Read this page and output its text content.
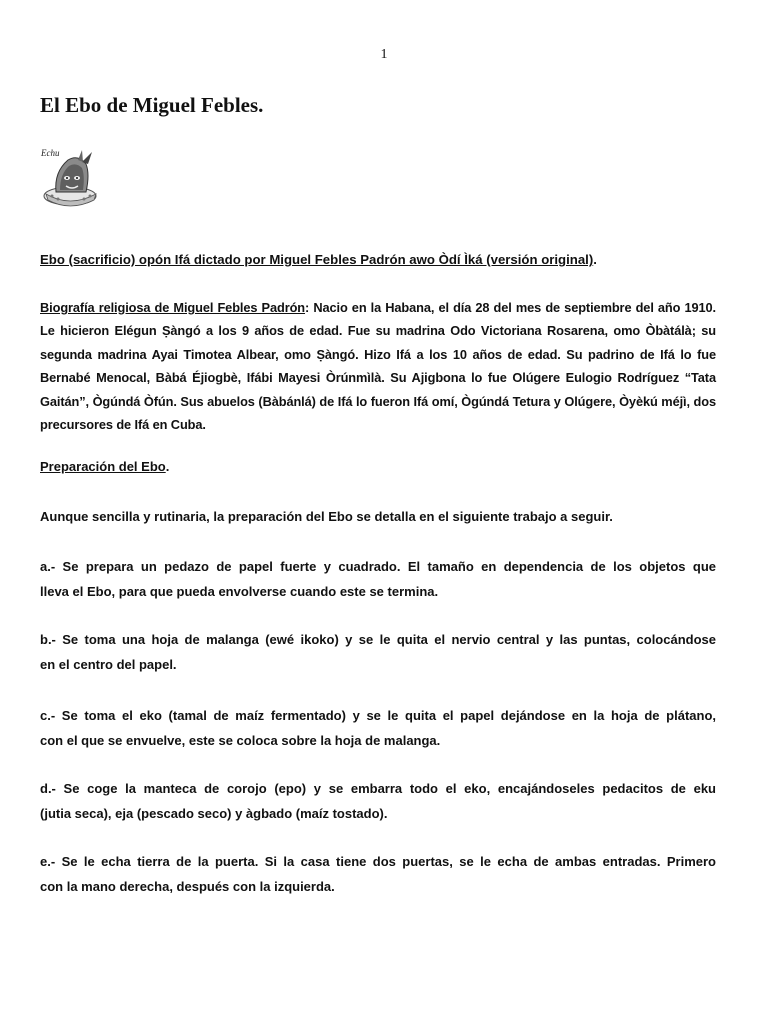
1
El Ebo de Miguel Febles.
Echu

Ebo (sacrificio) opón Ifá dictado por Miguel Febles Padrón awo Òdí Ìká (versión original).

Biografía religiosa de Miguel Febles Padrón: Nacio en la Habana, el día 28 del mes de septiembre del año 1910.
Le hicieron Elégun Ṣàngó a los 9 años de edad. Fue su madrina Odo Victoriana Rosarena, omo Òbàtálà; su
segunda madrina Ayai Timotea Albear, omo Ṣàngó. Hizo Ifá a los 10 años de edad. Su padrino de Ifá lo fue
Bernabé Menocal, Bàbá Éjiogbè, Ifábi Mayesi Òrúnmìlà. Su Ajigbona lo fue Olúgere Eulogio Rodríguez “Tata
Gaitán”, Ògúndá Òfún. Sus abuelos (Bàbánlá) de Ifá lo fueron Ifá omí, Ògúndá Tetura y Olúgere, Òyèkú méjì, dos
precursores de Ifá en Cuba.

Preparación del Ebo.

Aunque sencilla y rutinaria, la preparación del Ebo se detalla en el siguiente trabajo a seguir.

a.- Se prepara un pedazo de papel fuerte y cuadrado. El tamaño en dependencia de los objetos que
lleva el Ebo, para que pueda envolverse cuando este se termina.

b.- Se toma una hoja de malanga (ewé ikoko) y se le quita el nervio central y las puntas, colocándose
en el centro del papel.

c.- Se toma el eko (tamal de maíz fermentado) y se le quita el papel dejándose en la hoja de plátano,
con el que se envuelve, este se coloca sobre la hoja de malanga.

d.- Se coge la manteca de corojo (epo) y se embarra todo el eko, encajándoseles pedacitos de eku
(jutia seca), eja (pescado seco) y àgbado (maíz tostado).

e.- Se le echa tierra de la puerta. Si la casa tiene dos puertas, se le echa de ambas entradas. Primero
con la mano derecha, después con la izquierda.
